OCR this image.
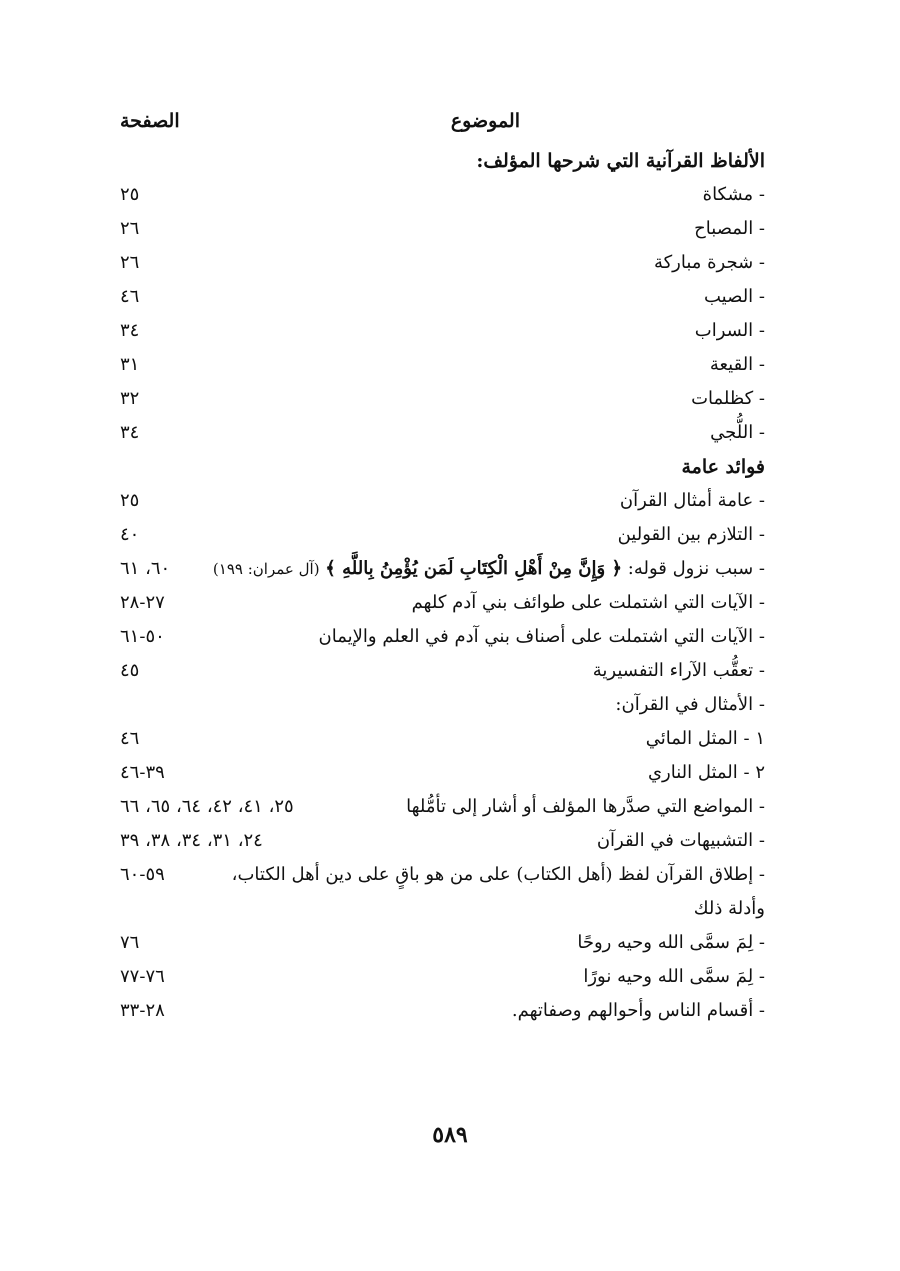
الموضوع
الصفحة
الألفاظ القرآنية التي شرحها المؤلف:
- مشكاة
٢٥
- المصباح
٢٦
- شجرة مباركة
٢٦
- الصيب
٤٦
- السراب
٣٤
- القيعة
٣١
- كظلمات
٣٢
- اللُّجي
٣٤
فوائد عامة
- عامة أمثال القرآن
٢٥
- التلازم بين القولين
٤٠
- سبب نزول قوله: ﴿ وَإِنَّ مِنْ أَهْلِ الْكِتَابِ لَمَن يُؤْمِنُ بِاللَّهِ ﴾ (آل عمران: ١٩٩)
٦٠، ٦١
- الآيات التي اشتملت على طوائف بني آدم كلهم
٢٧-٢٨
- الآيات التي اشتملت على أصناف بني آدم في العلم والإيمان
٥٠-٦١
- تعقُّب الآراء التفسيرية
٤٥
- الأمثال في القرآن:
١ - المثل المائي
٤٦
٢ - المثل الناري
٣٩-٤٦
- المواضع التي صدَّرها المؤلف أو أشار إلى تأمُّلها
٢٥، ٤١، ٤٢، ٦٤، ٦٥، ٦٦
- التشبيهات في القرآن
٢٤، ٣١، ٣٤، ٣٨، ٣٩
- إطلاق القرآن لفظ (أهل الكتاب) على من هو باقٍ على دين أهل الكتاب، وأدلة ذلك
٥٩-٦٠
- لِمَ سمَّى الله وحيه روحًا
٧٦
- لِمَ سمَّى الله وحيه نورًا
٧٦-٧٧
- أقسام الناس وأحوالهم وصفاتهم.
٢٨-٣٣
٥٨٩
